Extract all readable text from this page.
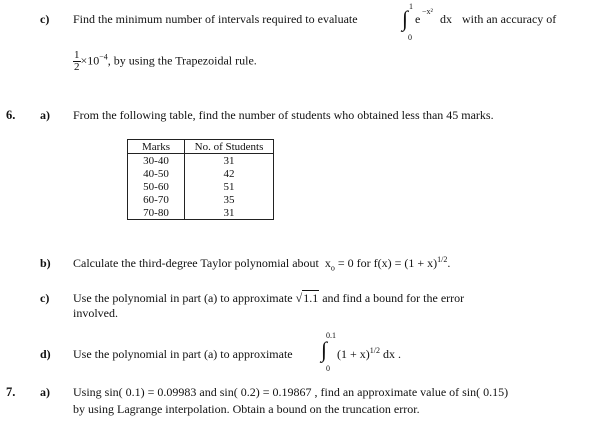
c) Find the minimum number of intervals required to evaluate
1
∫
0
e
−x²
dx with an accuracy of
$\frac{1}{2} \times 10^{-4}$, by using the Trapezoidal rule.
6. a) From the following table, find the number of students who obtained less than 45 marks.
Marks	No. of Students
30-40	31
40-50	42
50-60	51
60-70	35
70-80	31
b) Calculate the third-degree Taylor polynomial about $x_o = 0$ for $f(x) = (1 + x)^{1/2}$.
c) Use the polynomial in part (a) to approximate √1.1 and find a bound for the error
involved.
d) Use the polynomial in part (a) to approximate
0.1
∫
0
$(1 + x)^{1/2}$ dx .
7. a) Using sin( 0.1) = 0.09983 and sin( 0.2) = 0.19867 , find an approximate value of sin( 0.15)
by using Lagrange interpolation. Obtain a bound on the truncation error.
